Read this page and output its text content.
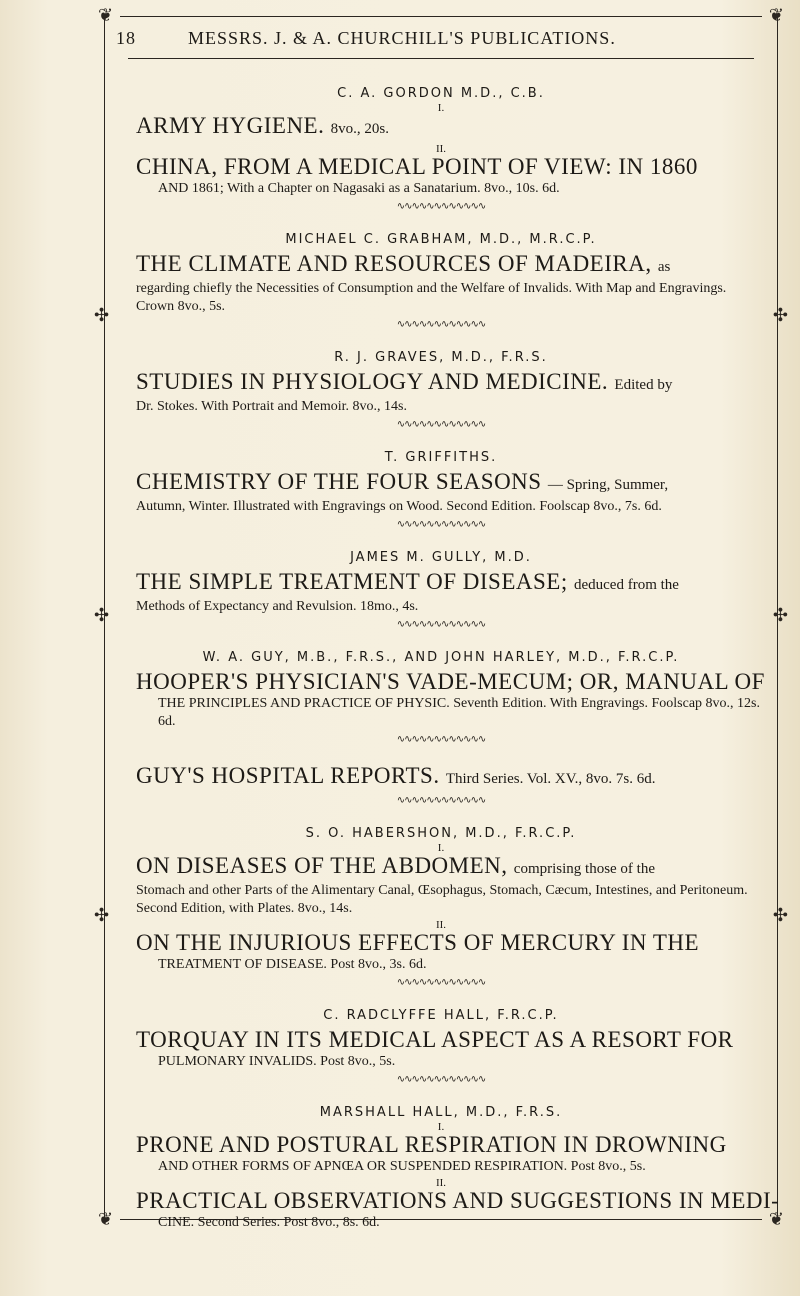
❦	❦
❦	❦
✣
✣
✣
✣
✣
✣
18	MESSRS. J. & A. CHURCHILL'S PUBLICATIONS.
C. A. GORDON M.D., C.B.
I.
ARMY HYGIENE. 8vo., 20s.
II.
CHINA, FROM A MEDICAL POINT OF VIEW: IN 1860
AND 1861; With a Chapter on Nagasaki as a Sanatarium. 8vo., 10s. 6d.
∿∿∿∿∿∿∿∿∿∿∿∿
MICHAEL C. GRABHAM, M.D., M.R.C.P.
THE CLIMATE AND RESOURCES OF MADEIRA, as
regarding chiefly the Necessities of Consumption and the Welfare of Invalids. With Map and Engravings. Crown 8vo., 5s.
∿∿∿∿∿∿∿∿∿∿∿∿
R. J. GRAVES, M.D., F.R.S.
STUDIES IN PHYSIOLOGY AND MEDICINE. Edited by
Dr. Stokes. With Portrait and Memoir. 8vo., 14s.
∿∿∿∿∿∿∿∿∿∿∿∿
T. GRIFFITHS.
CHEMISTRY OF THE FOUR SEASONS — Spring, Summer,
Autumn, Winter. Illustrated with Engravings on Wood. Second Edition. Foolscap 8vo., 7s. 6d.
∿∿∿∿∿∿∿∿∿∿∿∿
JAMES M. GULLY, M.D.
THE SIMPLE TREATMENT OF DISEASE; deduced from the
Methods of Expectancy and Revulsion. 18mo., 4s.
∿∿∿∿∿∿∿∿∿∿∿∿
W. A. GUY, M.B., F.R.S., AND JOHN HARLEY, M.D., F.R.C.P.
HOOPER'S PHYSICIAN'S VADE-MECUM; OR, MANUAL OF
THE PRINCIPLES AND PRACTICE OF PHYSIC. Seventh Edition. With Engravings. Foolscap 8vo., 12s. 6d.
∿∿∿∿∿∿∿∿∿∿∿∿
GUY'S HOSPITAL REPORTS. Third Series. Vol. XV., 8vo. 7s. 6d.
∿∿∿∿∿∿∿∿∿∿∿∿
S. O. HABERSHON, M.D., F.R.C.P.
I.
ON DISEASES OF THE ABDOMEN, comprising those of the
Stomach and other Parts of the Alimentary Canal, Œsophagus, Stomach, Cæcum, Intestines, and Peritoneum. Second Edition, with Plates. 8vo., 14s.
II.
ON THE INJURIOUS EFFECTS OF MERCURY IN THE
TREATMENT OF DISEASE. Post 8vo., 3s. 6d.
∿∿∿∿∿∿∿∿∿∿∿∿
C. RADCLYFFE HALL, F.R.C.P.
TORQUAY IN ITS MEDICAL ASPECT AS A RESORT FOR
PULMONARY INVALIDS. Post 8vo., 5s.
∿∿∿∿∿∿∿∿∿∿∿∿
MARSHALL HALL, M.D., F.R.S.
I.
PRONE AND POSTURAL RESPIRATION IN DROWNING
AND OTHER FORMS OF APNŒA OR SUSPENDED RESPIRATION. Post 8vo., 5s.
II.
PRACTICAL OBSERVATIONS AND SUGGESTIONS IN MEDI-
CINE. Second Series. Post 8vo., 8s. 6d.
